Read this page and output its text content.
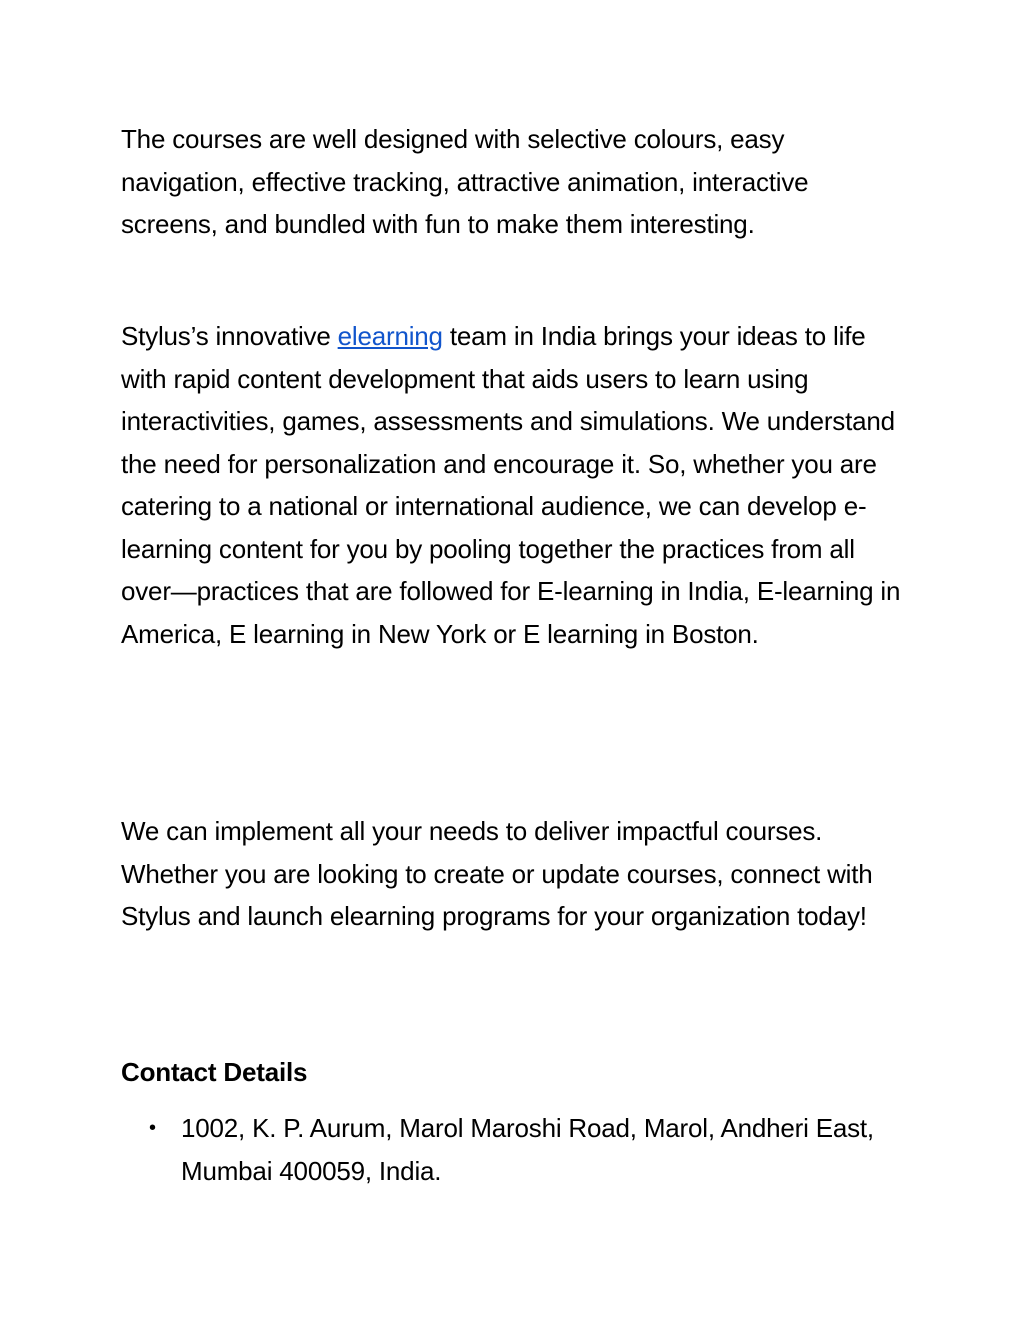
The courses are well designed with selective colours, easy navigation, effective tracking, attractive animation, interactive screens, and bundled with fun to make them interesting.

Stylus’s innovative elearning team in India brings your ideas to life with rapid content development that aids users to learn using interactivities, games, assessments and simulations. We understand the need for personalization and encourage it. So, whether you are catering to a national or international audience, we can develop e-learning content for you by pooling together the practices from all over—practices that are followed for E-learning in India, E-learning in America, E learning in New York or E learning in Boston.

We can implement all your needs to deliver impactful courses. Whether you are looking to create or update courses, connect with Stylus and launch elearning programs for your organization today!

Contact Details
• 1002, K. P. Aurum, Marol Maroshi Road, Marol, Andheri East, Mumbai 400059, India.
